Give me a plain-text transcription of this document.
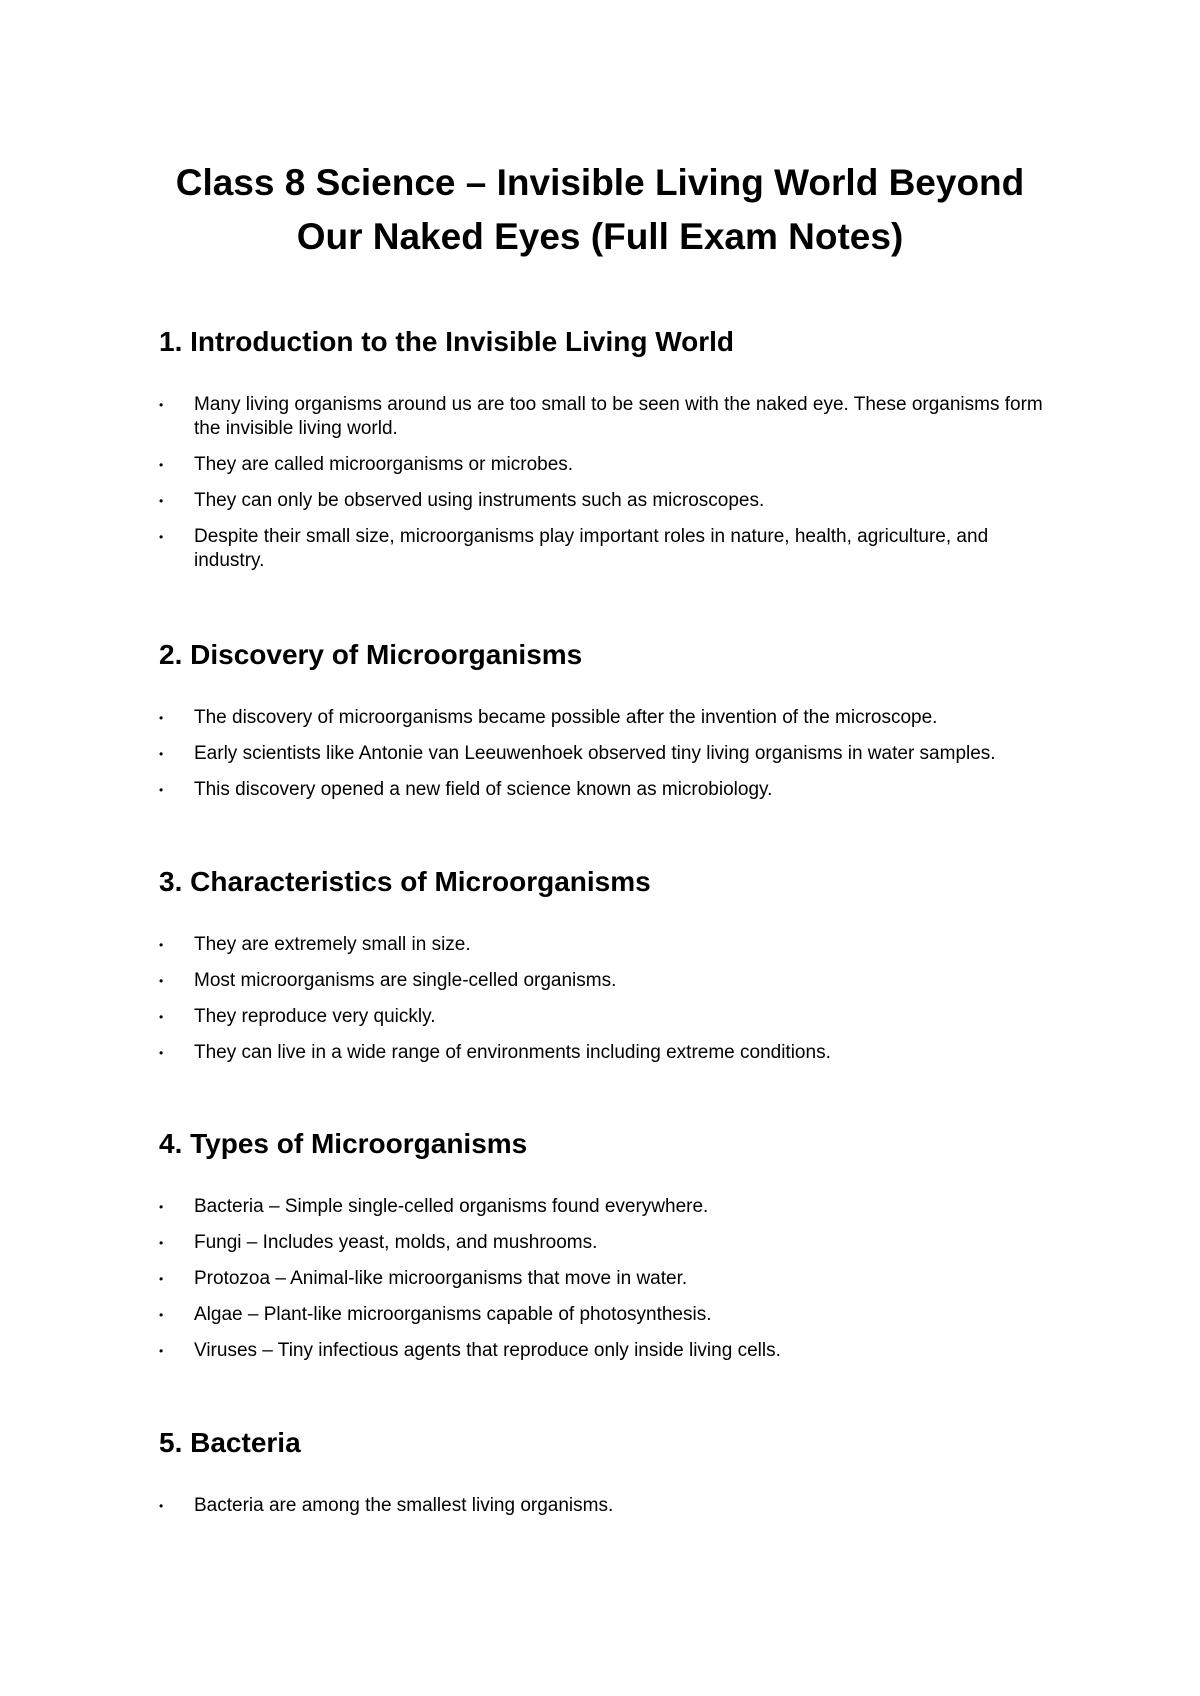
Class 8 Science – Invisible Living World Beyond Our Naked Eyes (Full Exam Notes)
1. Introduction to the Invisible Living World
•	Many living organisms around us are too small to be seen with the naked eye. These organisms form the invisible living world.
•	They are called microorganisms or microbes.
•	They can only be observed using instruments such as microscopes.
•	Despite their small size, microorganisms play important roles in nature, health, agriculture, and industry.
2. Discovery of Microorganisms
•	The discovery of microorganisms became possible after the invention of the microscope.
•	Early scientists like Antonie van Leeuwenhoek observed tiny living organisms in water samples.
•	This discovery opened a new field of science known as microbiology.
3. Characteristics of Microorganisms
•	They are extremely small in size.
•	Most microorganisms are single-celled organisms.
•	They reproduce very quickly.
•	They can live in a wide range of environments including extreme conditions.
4. Types of Microorganisms
•	Bacteria – Simple single-celled organisms found everywhere.
•	Fungi – Includes yeast, molds, and mushrooms.
•	Protozoa – Animal-like microorganisms that move in water.
•	Algae – Plant-like microorganisms capable of photosynthesis.
•	Viruses – Tiny infectious agents that reproduce only inside living cells.
5. Bacteria
•	Bacteria are among the smallest living organisms.
